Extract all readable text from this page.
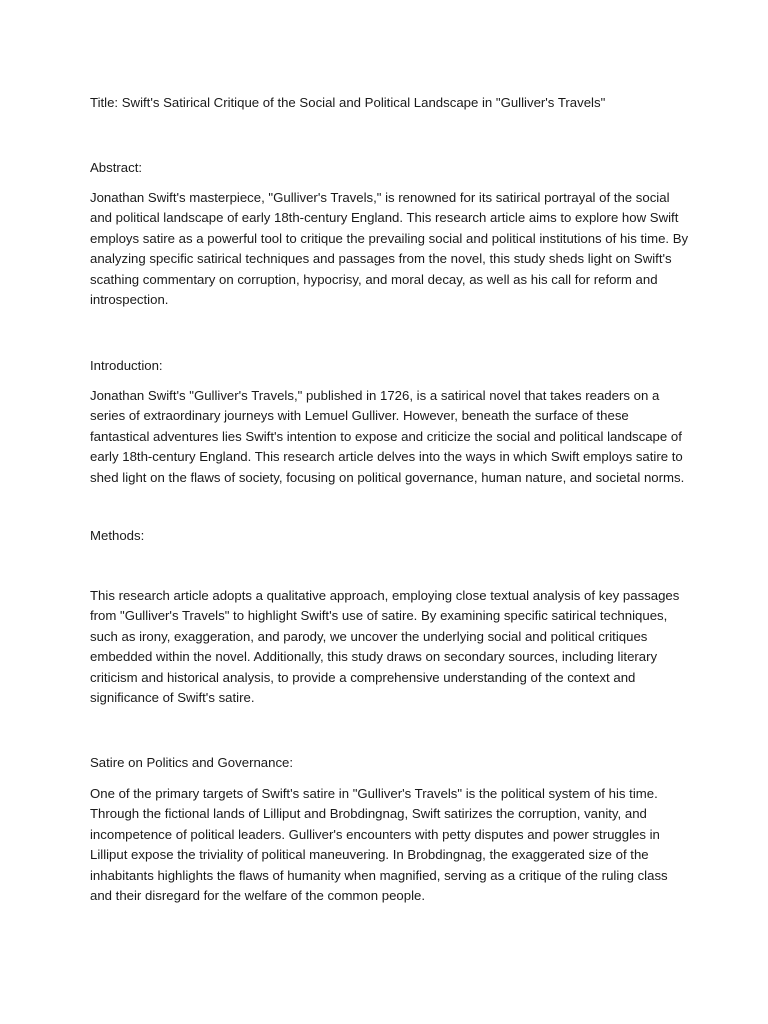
Title: Swift's Satirical Critique of the Social and Political Landscape in "Gulliver's Travels"

Abstract:

Jonathan Swift's masterpiece, "Gulliver's Travels," is renowned for its satirical portrayal of the social and political landscape of early 18th-century England. This research article aims to explore how Swift employs satire as a powerful tool to critique the prevailing social and political institutions of his time. By analyzing specific satirical techniques and passages from the novel, this study sheds light on Swift's scathing commentary on corruption, hypocrisy, and moral decay, as well as his call for reform and introspection.

Introduction:

Jonathan Swift's "Gulliver's Travels," published in 1726, is a satirical novel that takes readers on a series of extraordinary journeys with Lemuel Gulliver. However, beneath the surface of these fantastical adventures lies Swift's intention to expose and criticize the social and political landscape of early 18th-century England. This research article delves into the ways in which Swift employs satire to shed light on the flaws of society, focusing on political governance, human nature, and societal norms.

Methods:

This research article adopts a qualitative approach, employing close textual analysis of key passages from "Gulliver's Travels" to highlight Swift's use of satire. By examining specific satirical techniques, such as irony, exaggeration, and parody, we uncover the underlying social and political critiques embedded within the novel. Additionally, this study draws on secondary sources, including literary criticism and historical analysis, to provide a comprehensive understanding of the context and significance of Swift's satire.

Satire on Politics and Governance:

One of the primary targets of Swift's satire in "Gulliver's Travels" is the political system of his time. Through the fictional lands of Lilliput and Brobdingnag, Swift satirizes the corruption, vanity, and incompetence of political leaders. Gulliver's encounters with petty disputes and power struggles in Lilliput expose the triviality of political maneuvering. In Brobdingnag, the exaggerated size of the inhabitants highlights the flaws of humanity when magnified, serving as a critique of the ruling class and their disregard for the welfare of the common people.
